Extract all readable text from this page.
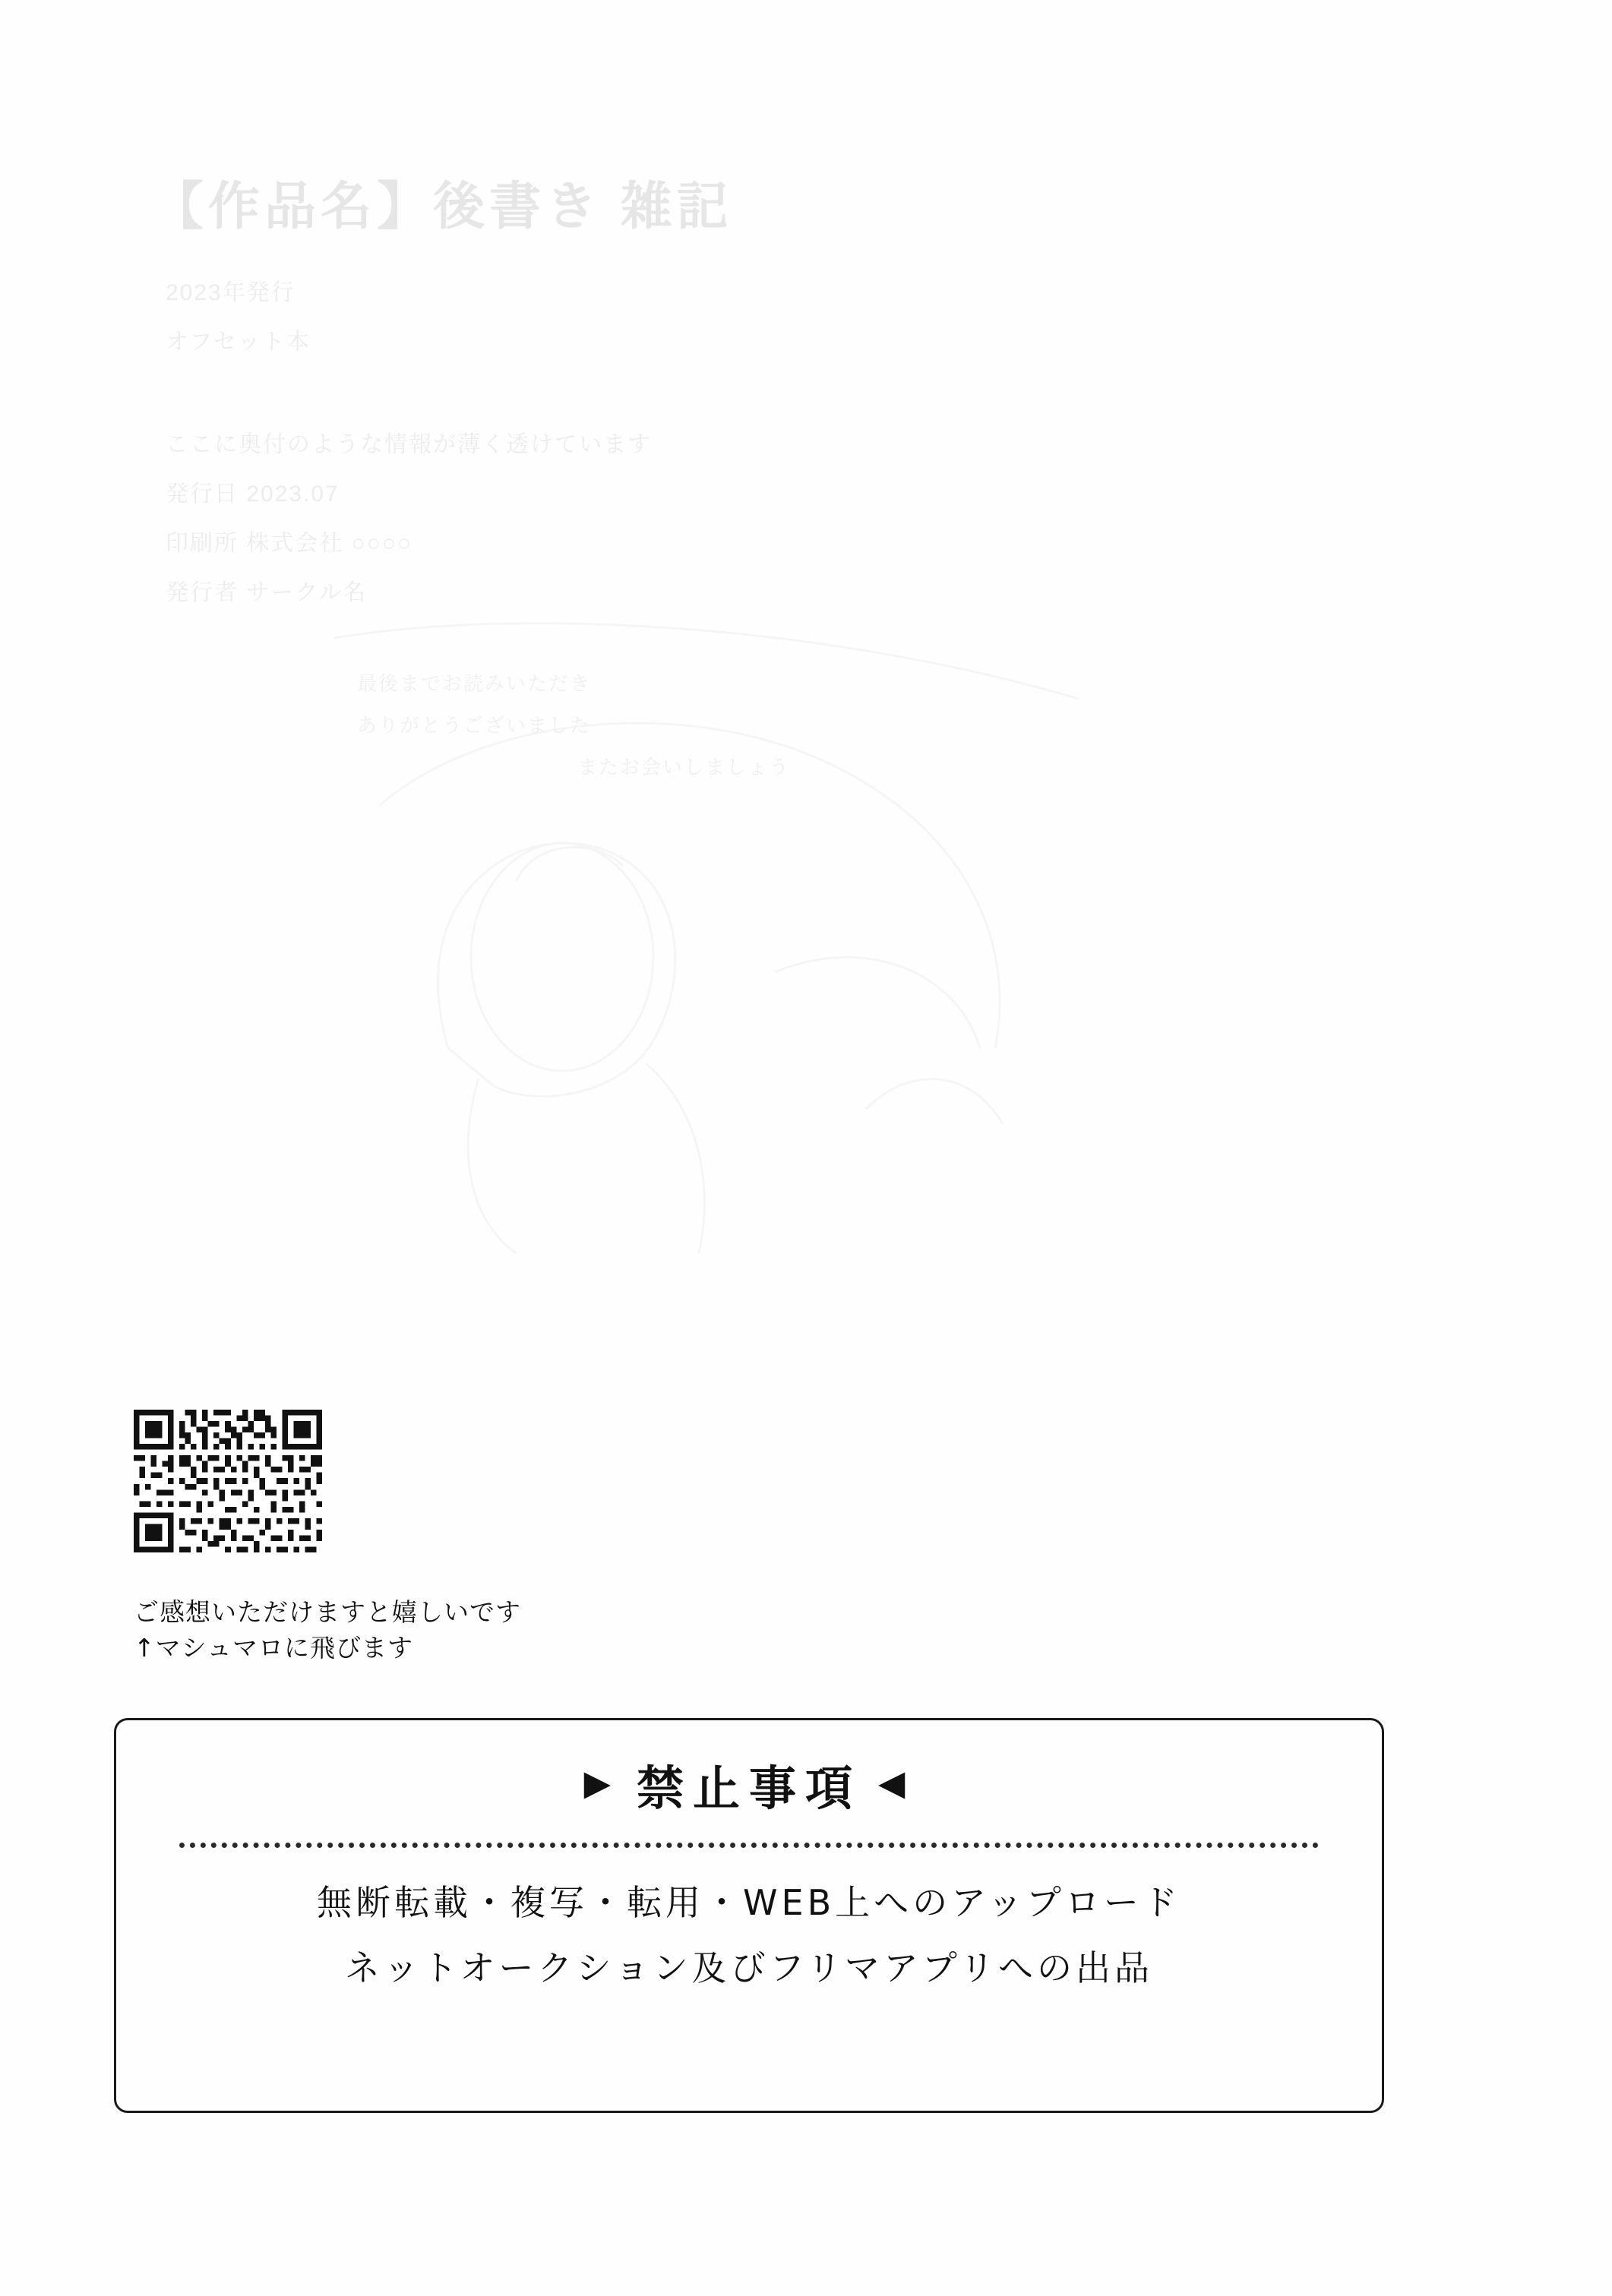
【作品名】後書き 雑記
2023年発行
オフセット本
ここに奥付のような情報が薄く透けています
発行日 2023.07
印刷所 株式会社 ○○○○
発行者 サークル名
最後までお読みいただき
ありがとうございました
またお会いしましょう
ご感想いただけますと嬉しいです
↑マシュマロに飛びます
▶ 禁止事項 ◀
無断転載・複写・転用・WEB上へのアップロード
ネットオークション及びフリマアプリへの出品
